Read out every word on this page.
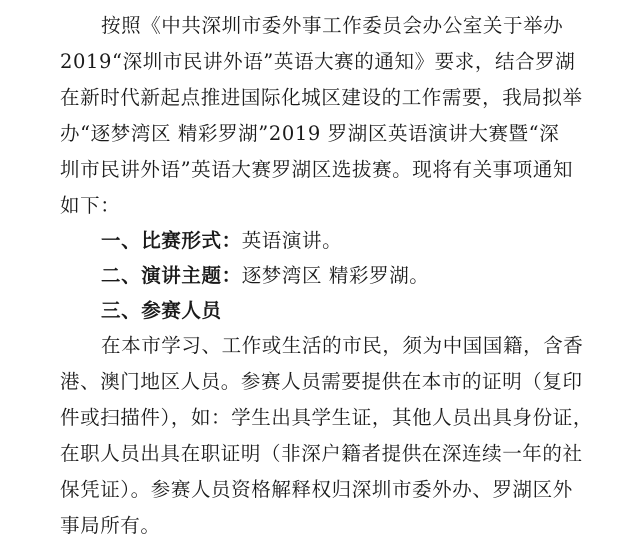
按照《中共深圳市委外事工作委员会办公室关于举办
2019“深圳市民讲外语”英语大赛的通知》要求，结合罗湖
在新时代新起点推进国际化城区建设的工作需要，我局拟举
办“逐梦湾区 精彩罗湖”2019 罗湖区英语演讲大赛暨“深
圳市民讲外语”英语大赛罗湖区选拔赛。现将有关事项通知
如下：
一、比赛形式：英语演讲。
二、演讲主题：逐梦湾区 精彩罗湖。
三、参赛人员
在本市学习、工作或生活的市民，须为中国国籍，含香
港、澳门地区人员。参赛人员需要提供在本市的证明（复印
件或扫描件），如：学生出具学生证，其他人员出具身份证，
在职人员出具在职证明（非深户籍者提供在深连续一年的社
保凭证）。参赛人员资格解释权归深圳市委外办、罗湖区外
事局所有。
